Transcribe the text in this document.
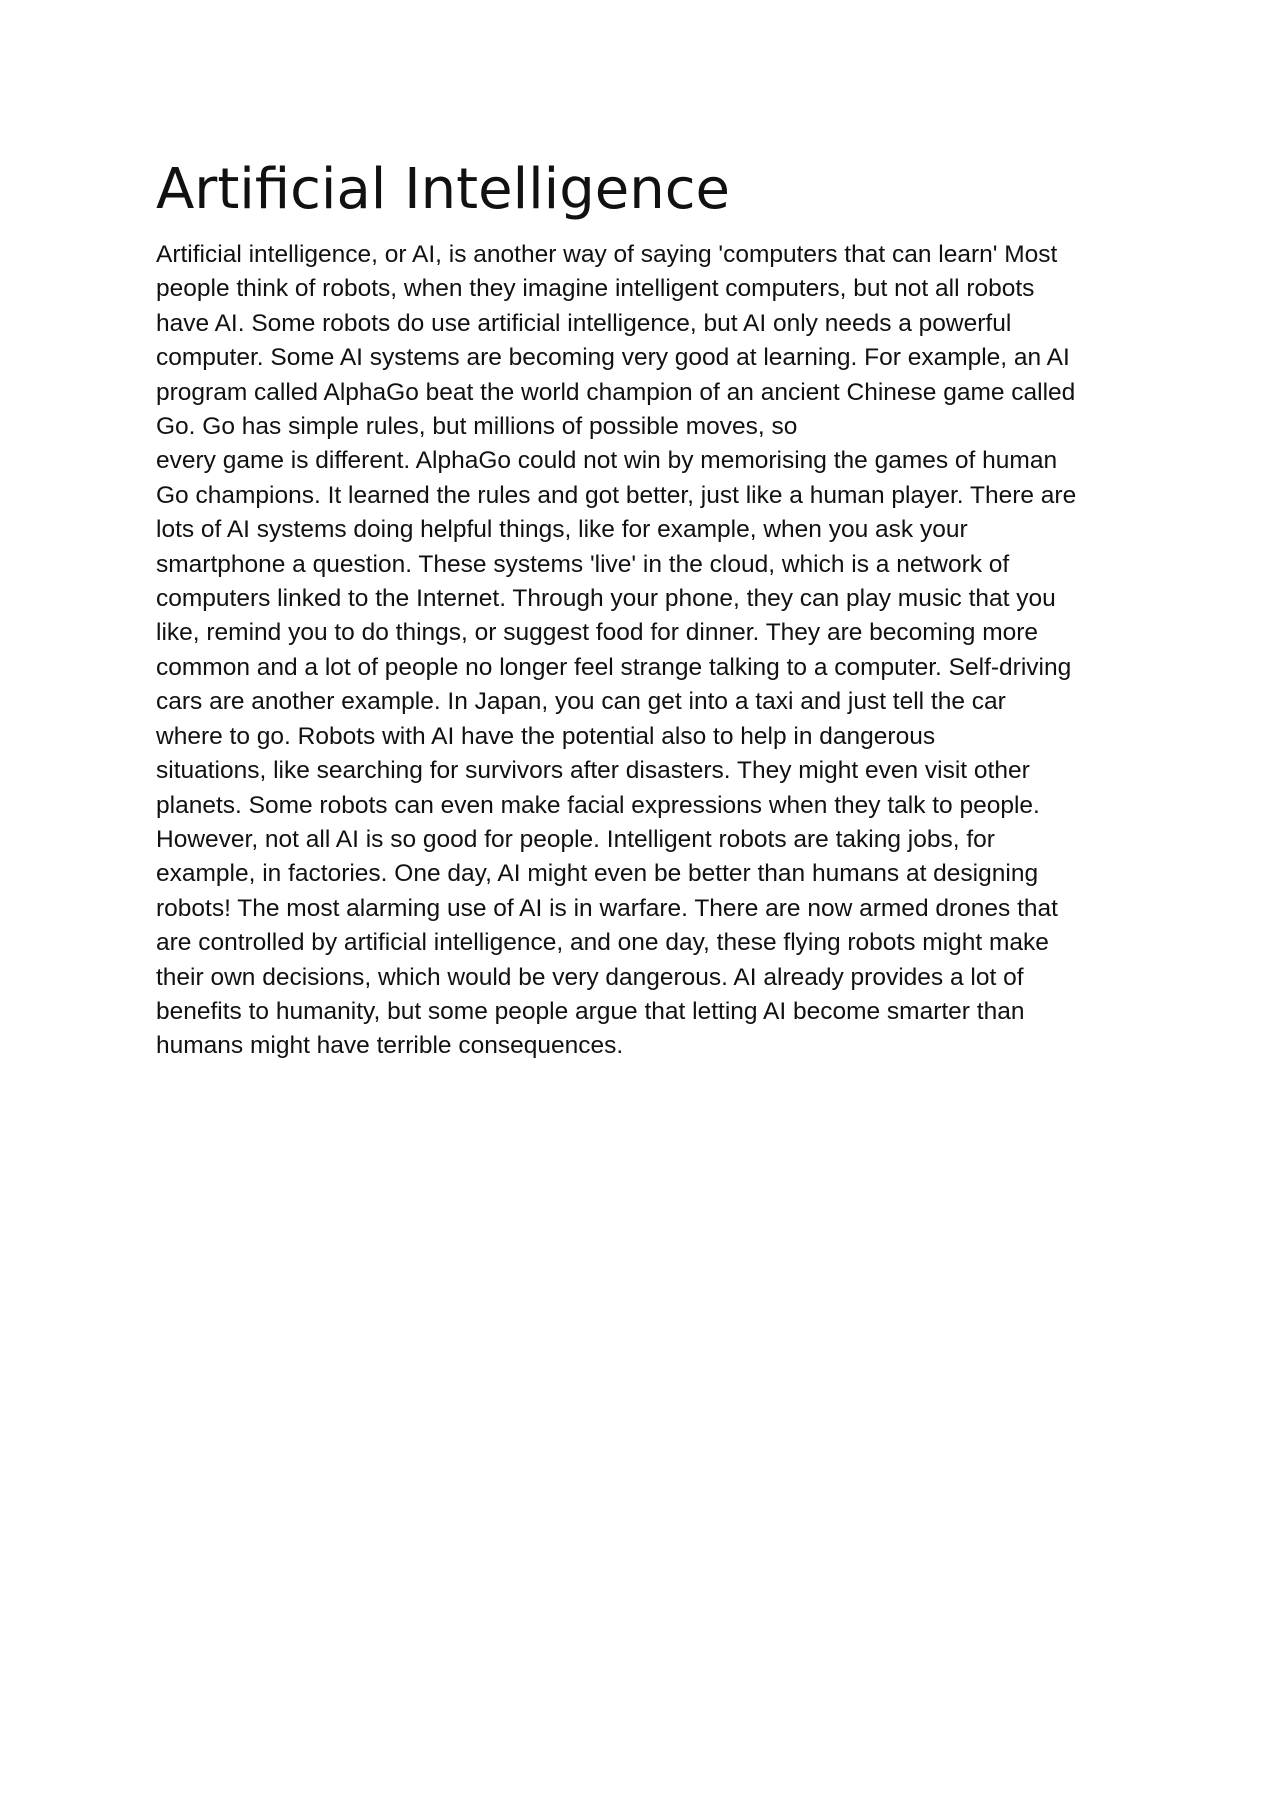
Artificial Intelligence
Artificial intelligence, or AI, is another way of saying 'computers that can learn' Most
people think of robots, when they imagine intelligent computers, but not all robots
have AI. Some robots do use artificial intelligence, but AI only needs a powerful
computer. Some AI systems are becoming very good at learning. For example, an AI
program called AlphaGo beat the world champion of an ancient Chinese game called
Go. Go has simple rules, but millions of possible moves, so
every game is different. AlphaGo could not win by memorising the games of human
Go champions. It learned the rules and got better, just like a human player. There are
lots of AI systems doing helpful things, like for example, when you ask your
smartphone a question. These systems 'live' in the cloud, which is a network of
computers linked to the Internet. Through your phone, they can play music that you
like, remind you to do things, or suggest food for dinner. They are becoming more
common and a lot of people no longer feel strange talking to a computer. Self-driving
cars are another example. In Japan, you can get into a taxi and just tell the car
where to go. Robots with AI have the potential also to help in dangerous
situations, like searching for survivors after disasters. They might even visit other
planets. Some robots can even make facial expressions when they talk to people.
However, not all AI is so good for people. Intelligent robots are taking jobs, for
example, in factories. One day, AI might even be better than humans at designing
robots! The most alarming use of AI is in warfare. There are now armed drones that
are controlled by artificial intelligence, and one day, these flying robots might make
their own decisions, which would be very dangerous. AI already provides a lot of
benefits to humanity, but some people argue that letting AI become smarter than
humans might have terrible consequences.
